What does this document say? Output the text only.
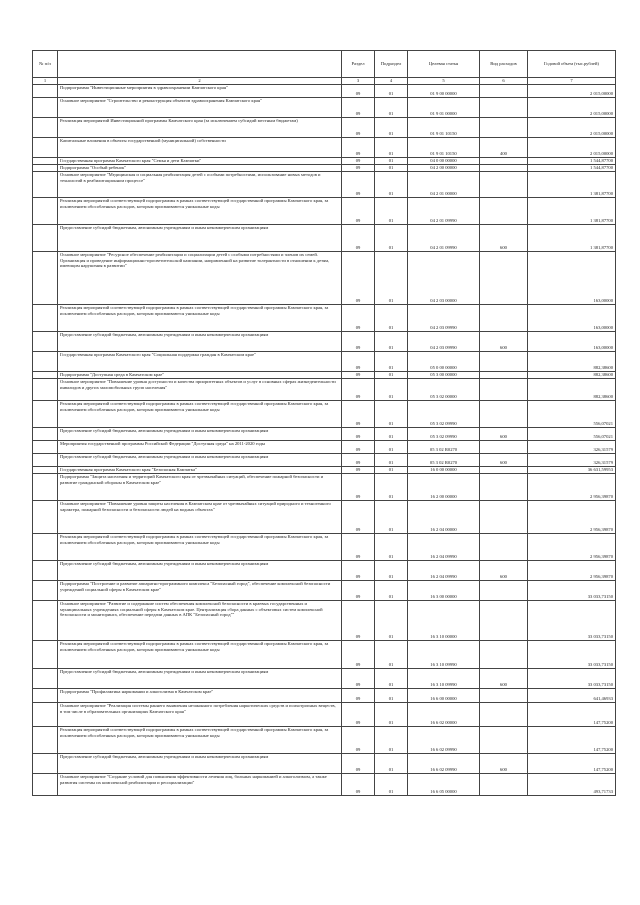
№ п/п		Раздел	Подраздел	Целевая статья	Вид расходов	Годовой объем (тыс.рублей)
1	2	3	4	5	6	7
	Подпрограмма "Инвестиционные мероприятия в здравоохранении Камчатского края"	09	01	01 9 00 00000		2 015,00000
	Основное мероприятие "Строительство и реконструкция объектов здравоохранения Камчатского края"	09	01	01 9 01 00000		2 015,00000
	Реализация мероприятий Инвестиционной программы Камчатского края (за исключением субсидий местным бюджетам)	09	01	01 9 01 10150		2 015,00000
	Капитальные вложения в объекты государственной (муниципальной) собственности	09	01	01 9 01 10150	400	2 015,00000
	Государственная программа Камчатского края "Семья и дети Камчатки"	09	01	04 0 00 00000		1 544,87700
	Подпрограмма "Особый ребенок"	09	01	04 2 00 00000		1 544,87700
	Основное мероприятие "Медицинская и социальная реабилитация детей с особыми потребностями, использование новых методов и технологий в реабилитационном процессе"	09	01	04 2 01 00000		1 381,87700
	Реализация мероприятий соответствующей подпрограммы в рамках соответствующей государственной программы Камчатского края, за исключением обособленных расходов, которым присваиваются уникальные коды	09	01	04 2 01 09990		1 381,87700
	Предоставление субсидий бюджетным, автономным учреждениям и иным некоммерческим организациям	09	01	04 2 01 09990	600	1 381,87700
	Основное мероприятие "Ресурсное обеспечение реабилитации и социализации детей с особыми потребностями и членов их семей. Организация и проведение информационно-просветительской кампании, направленной на развитие толерантности в отношении к детям, имеющим нарушения в развитии"	09	01	04 2 03 00000		163,00000
	Реализация мероприятий соответствующей подпрограммы в рамках соответствующей государственной программы Камчатского края, за исключением обособленных расходов, которым присваиваются уникальные коды	09	01	04 2 03 09990		163,00000
	Предоставление субсидий бюджетным, автономным учреждениям и иным некоммерческим организациям	09	01	04 2 03 09990	600	163,00000
	Государственная программа Камчатского края "Социальная поддержка граждан в Камчатском крае"	09	01	05 0 00 00000		882,38600
	Подпрограмма "Доступная среда в Камчатском крае"	09	01	05 3 00 00000		882,38600
	Основное мероприятие "Повышение уровня доступности и качества приоритетных объектов и услуг в основных сферах жизнедеятельности инвалидов и других маломобильных групп населения"	09	01	05 3 02 00000		882,38600
	Реализация мероприятий соответствующей подпрограммы в рамках соответствующей государственной программы Камчатского края, за исключением обособленных расходов, которым присваиваются уникальные коды	09	01	05 3 02 09990		556,07021
	Предоставление субсидий бюджетным, автономным учреждениям и иным некоммерческим организациям	09	01	05 3 02 09990	600	556,07021
	Мероприятия государственной программы Российской Федерации "Доступная среда" на 2011-2020 годы	09	01	05 3 02 R0270		326,31579
	Предоставление субсидий бюджетным, автономным учреждениям и иным некоммерческим организациям	09	01	05 3 02 R0270	600	326,31579
	Государственная программа Камчатского края "Безопасная Камчатка"	09	01	16 0 00 00000		36 631,59953
	Подпрограмма "Защита населения и территорий Камчатского края от чрезвычайных ситуаций, обеспечение пожарной безопасности и развитие гражданской обороны в Камчатском крае"	09	01	16 2 00 00000		2 956,39870
	Основное мероприятие "Повышение уровня защиты населения в Камчатском крае от чрезвычайных ситуаций природного и техногенного характера, пожарной безопасности и безопасности людей на водных объектах"	09	01	16 2 04 00000		2 956,39870
	Реализация мероприятий соответствующей подпрограммы в рамках соответствующей государственной программы Камчатского края, за исключением обособленных расходов, которым присваиваются уникальные коды	09	01	16 2 04 09990		2 956,39870
	Предоставление субсидий бюджетным, автономным учреждениям и иным некоммерческим организациям	09	01	16 2 04 09990	600	2 956,39870
	Подпрограмма "Построение и развитие аппаратно-программного комплекса "Безопасный город", обеспечение комплексной безопасности учреждений социальной сферы в Камчатском крае"	09	01	16 3 00 00000		33 033,73150
	Основное мероприятие "Развитие и содержание систем обеспечения комплексной безопасности в краевых государственных и муниципальных учреждениях социальной сферы в Камчатском крае. Централизация сбора данных с объектовых систем комплексной безопасности и мониторинга, обеспечение передачи данных в АПК "Безопасный город""	09	01	16 3 10 00000		33 033,73150
	Реализация мероприятий соответствующей подпрограммы в рамках соответствующей государственной программы Камчатского края, за исключением обособленных расходов, которым присваиваются уникальные коды	09	01	16 3 10 09990		33 033,73150
	Предоставление субсидий бюджетным, автономным учреждениям и иным некоммерческим организациям	09	01	16 3 10 09990	600	33 033,73150
	Подпрограмма "Профилактика наркомании и алкоголизма в Камчатском крае"	09	01	16 6 00 00000		641,46933
	Основное мероприятие "Реализация системы раннего выявления незаконного потребления наркотических средств и психотропных веществ, в том числе в образовательных организациях Камчатского края"	09	01	16 6 02 00000		147,75200
	Реализация мероприятий соответствующей подпрограммы в рамках соответствующей государственной программы Камчатского края, за исключением обособленных расходов, которым присваиваются уникальные коды	09	01	16 6 02 09990		147,75200
	Предоставление субсидий бюджетным, автономным учреждениям и иным некоммерческим организациям	09	01	16 6 02 09990	600	147,75200
	Основное мероприятие "Создание условий для повышения эффективности лечения лиц, больных наркоманией и алкоголизмом, а также развития системы их комплексной реабилитации и ресоциализации"	09	01	16 6 05 00000		493,71733
